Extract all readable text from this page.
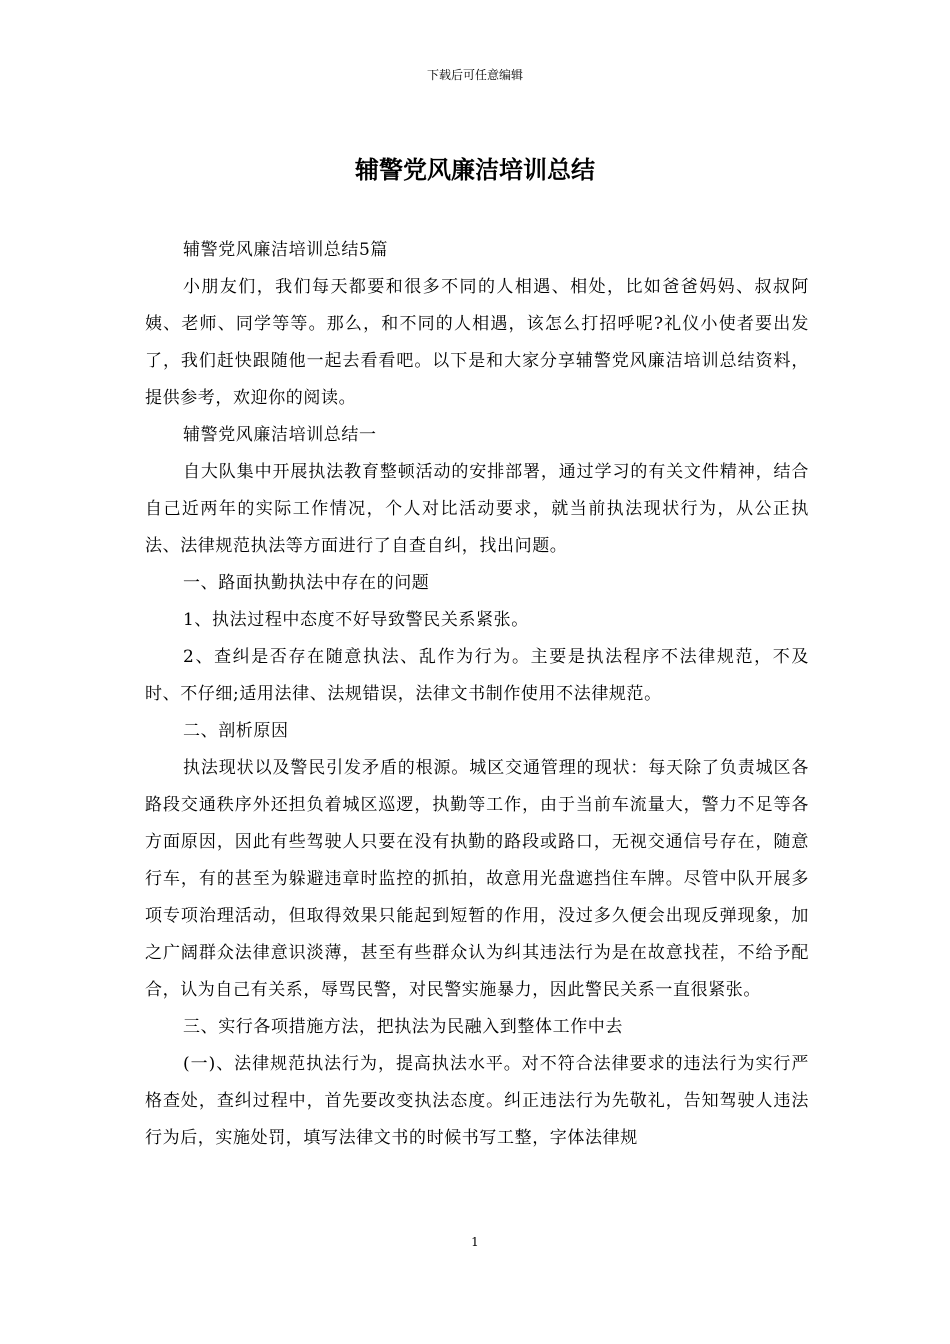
下载后可任意编辑
辅警党风廉洁培训总结

辅警党风廉洁培训总结5篇

小朋友们，我们每天都要和很多不同的人相遇、相处，比如爸爸妈妈、叔叔阿姨、老师、同学等等。那么，和不同的人相遇，该怎么打招呼呢?礼仪小使者要出发了，我们赶快跟随他一起去看看吧。以下是和大家分享辅警党风廉洁培训总结资料，提供参考，欢迎你的阅读。

辅警党风廉洁培训总结一

自大队集中开展执法教育整顿活动的安排部署，通过学习的有关文件精神，结合自己近两年的实际工作情况，个人对比活动要求，就当前执法现状行为，从公正执法、法律规范执法等方面进行了自查自纠，找出问题。

一、路面执勤执法中存在的问题

1、执法过程中态度不好导致警民关系紧张。

2、查纠是否存在随意执法、乱作为行为。主要是执法程序不法律规范，不及时、不仔细;适用法律、法规错误，法律文书制作使用不法律规范。

二、剖析原因

执法现状以及警民引发矛盾的根源。城区交通管理的现状：每天除了负责城区各路段交通秩序外还担负着城区巡逻，执勤等工作，由于当前车流量大，警力不足等各方面原因，因此有些驾驶人只要在没有执勤的路段或路口，无视交通信号存在，随意行车，有的甚至为躲避违章时监控的抓拍，故意用光盘遮挡住车牌。尽管中队开展多项专项治理活动，但取得效果只能起到短暂的作用，没过多久便会出现反弹现象，加之广阔群众法律意识淡薄，甚至有些群众认为纠其违法行为是在故意找茬，不给予配合，认为自己有关系，辱骂民警，对民警实施暴力，因此警民关系一直很紧张。

三、实行各项措施方法，把执法为民融入到整体工作中去

(一)、法律规范执法行为，提高执法水平。对不符合法律要求的违法行为实行严格查处，查纠过程中，首先要改变执法态度。纠正违法行为先敬礼，告知驾驶人违法行为后，实施处罚，填写法律文书的时候书写工整，字体法律规

1
